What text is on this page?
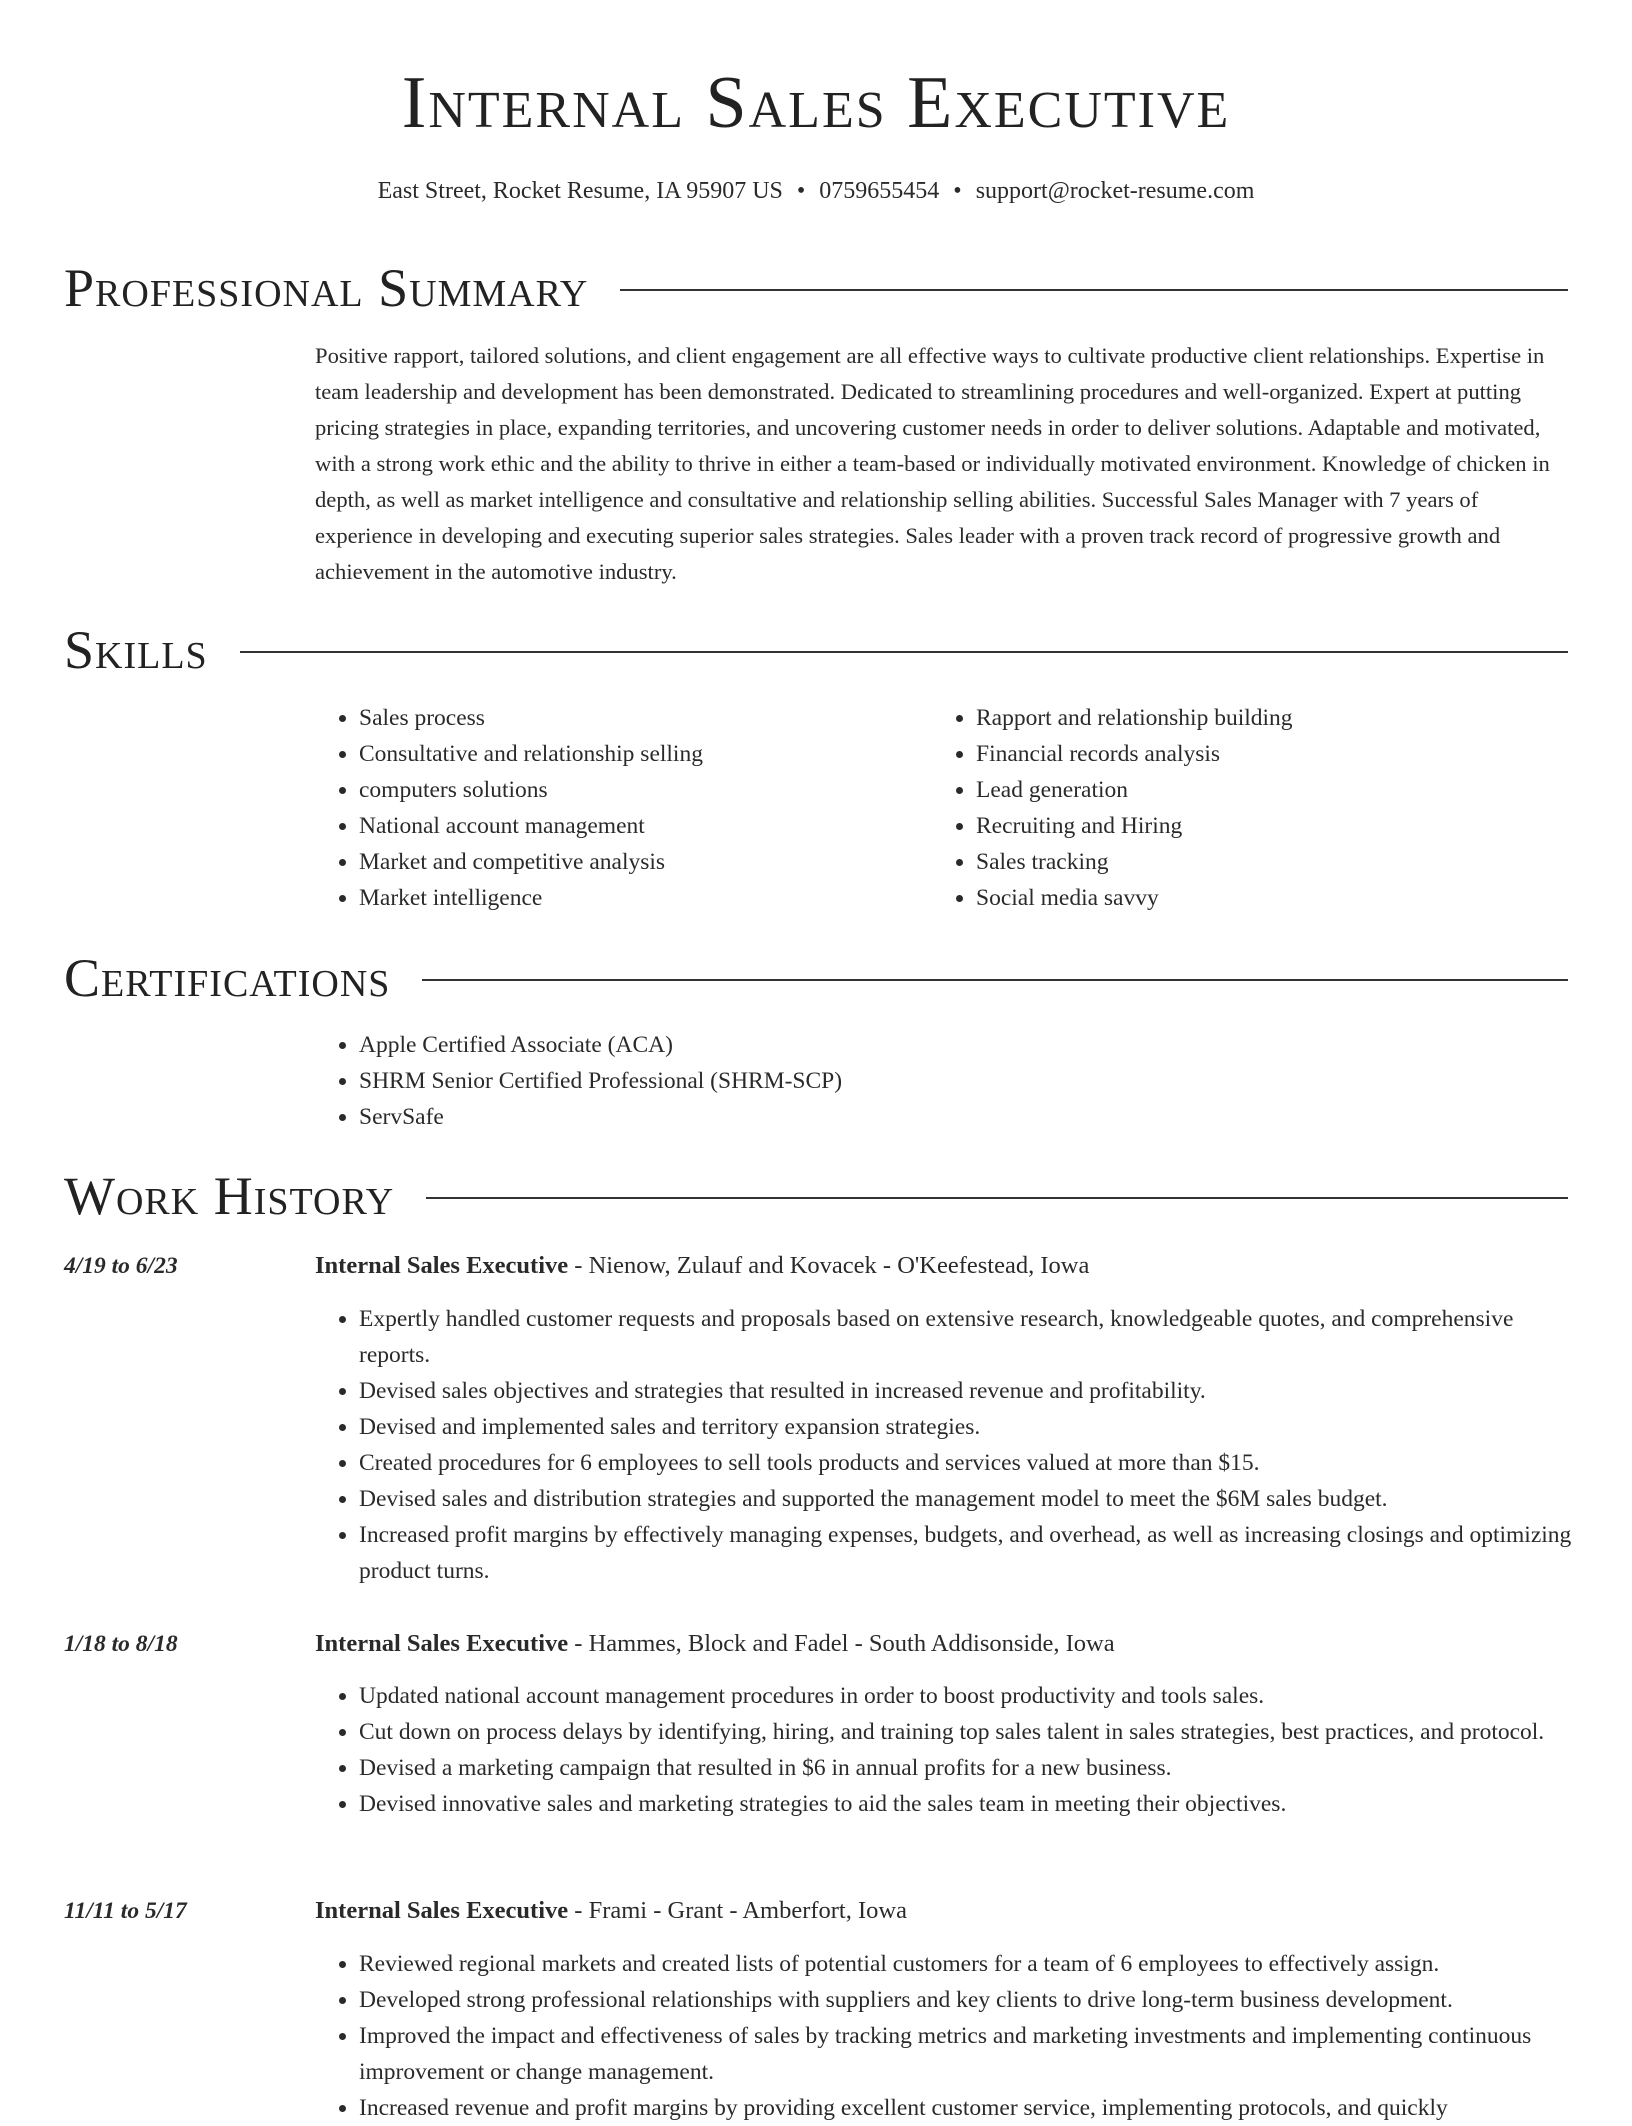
Internal Sales Executive
East Street, Rocket Resume, IA 95907 US • 0759655454 • support@rocket-resume.com
Professional Summary
Positive rapport, tailored solutions, and client engagement are all effective ways to cultivate productive client relationships. Expertise in team leadership and development has been demonstrated. Dedicated to streamlining procedures and well-organized. Expert at putting pricing strategies in place, expanding territories, and uncovering customer needs in order to deliver solutions. Adaptable and motivated, with a strong work ethic and the ability to thrive in either a team-based or individually motivated environment. Knowledge of chicken in depth, as well as market intelligence and consultative and relationship selling abilities. Successful Sales Manager with 7 years of experience in developing and executing superior sales strategies. Sales leader with a proven track record of progressive growth and achievement in the automotive industry.
Skills
• Sales process
• Consultative and relationship selling
• computers solutions
• National account management
• Market and competitive analysis
• Market intelligence
• Rapport and relationship building
• Financial records analysis
• Lead generation
• Recruiting and Hiring
• Sales tracking
• Social media savvy
Certifications
• Apple Certified Associate (ACA)
• SHRM Senior Certified Professional (SHRM-SCP)
• ServSafe
Work History
4/19 to 6/23	Internal Sales Executive - Nienow, Zulauf and Kovacek - O'Keefestead, Iowa
• Expertly handled customer requests and proposals based on extensive research, knowledgeable quotes, and comprehensive reports.
• Devised sales objectives and strategies that resulted in increased revenue and profitability.
• Devised and implemented sales and territory expansion strategies.
• Created procedures for 6 employees to sell tools products and services valued at more than $15.
• Devised sales and distribution strategies and supported the management model to meet the $6M sales budget.
• Increased profit margins by effectively managing expenses, budgets, and overhead, as well as increasing closings and optimizing product turns.
1/18 to 8/18	Internal Sales Executive - Hammes, Block and Fadel - South Addisonside, Iowa
• Updated national account management procedures in order to boost productivity and tools sales.
• Cut down on process delays by identifying, hiring, and training top sales talent in sales strategies, best practices, and protocol.
• Devised a marketing campaign that resulted in $6 in annual profits for a new business.
• Devised innovative sales and marketing strategies to aid the sales team in meeting their objectives.
11/11 to 5/17	Internal Sales Executive - Frami - Grant - Amberfort, Iowa
• Reviewed regional markets and created lists of potential customers for a team of 6 employees to effectively assign.
• Developed strong professional relationships with suppliers and key clients to drive long-term business development.
• Improved the impact and effectiveness of sales by tracking metrics and marketing investments and implementing continuous improvement or change management.
• Increased revenue and profit margins by providing excellent customer service, implementing protocols, and quickly
